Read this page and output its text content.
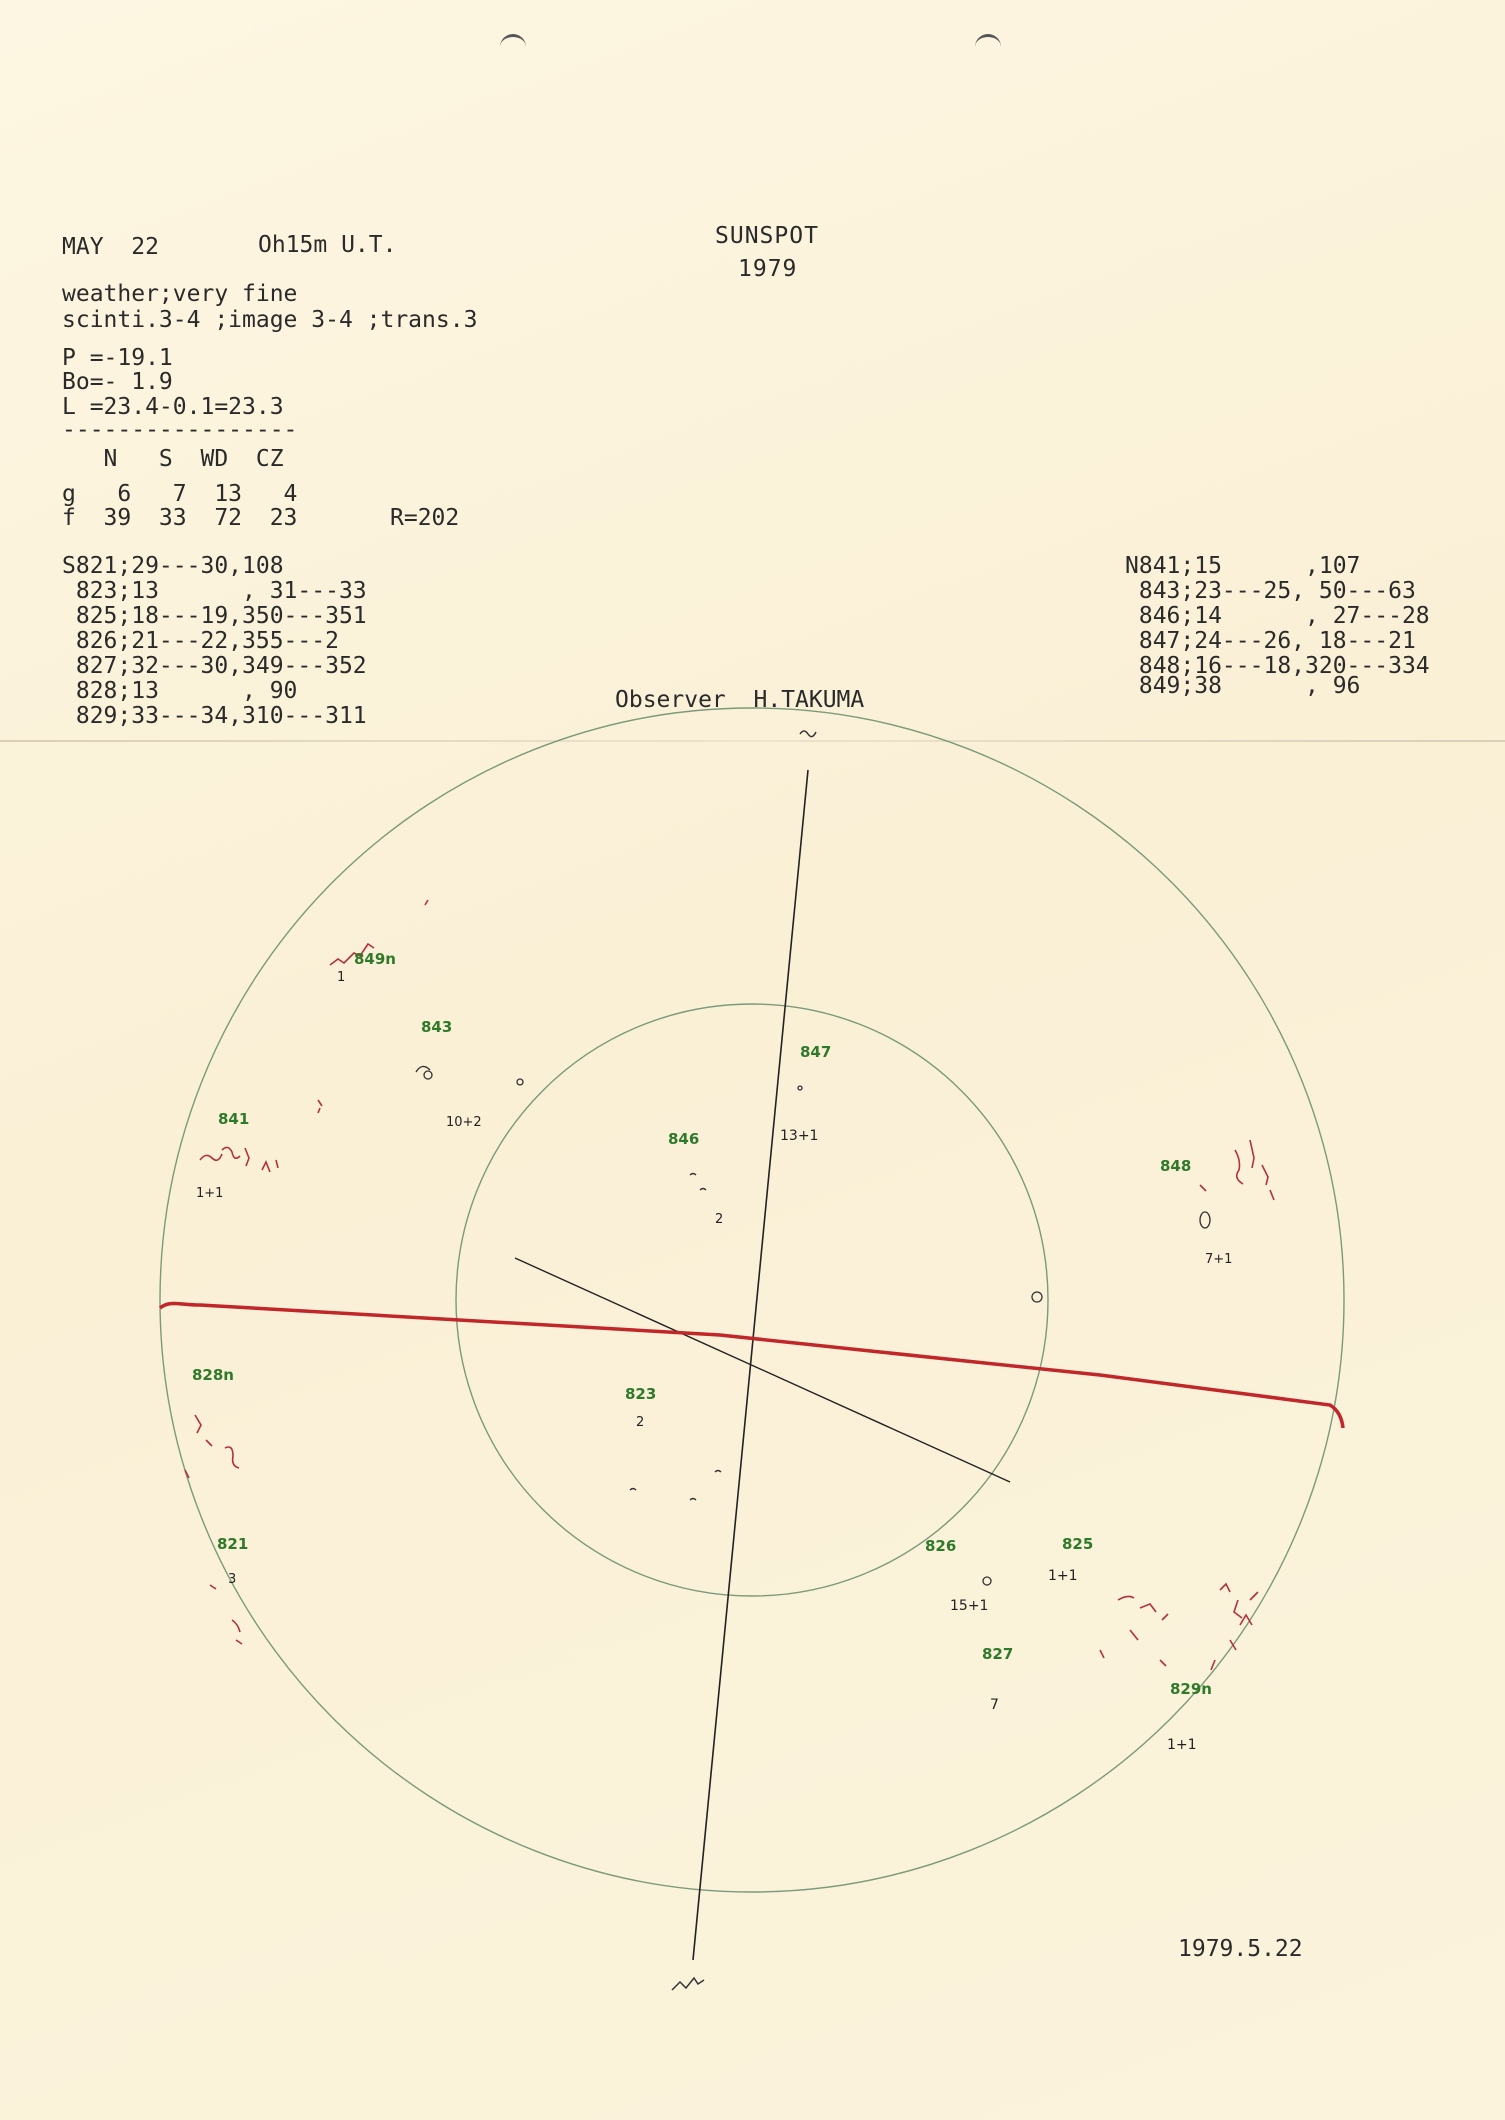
MAY  22	Oh15m U.T.	SUNSPOT
1979
weather;very fine
scinti.3-4 ;image 3-4 ;trans.3
P =-19.1
Bo=- 1.9
L =23.4-0.1=23.3
-----------------
N   S  WD  CZ
g   6   7  13   4
f  39  33  72  23	R=202
S821;29---30,108
823;13      , 31---33
825;18---19,350---351
826;21---22,355---2
827;32---30,349---352
828;13      , 90
829;33---34,310---311
N841;15      ,107
843;23---25, 50---63
846;14      , 27---28
847;24---26, 18---21
848;16---18,320---334
849;38      , 96
Observer  H.TAKUMA
849n
843
841
847
846
848
828n
823
821	826	825
827
829n
1
10+2
1+1
13+1
2
7+1
2
3
15+1
1+1
7
1+1
1979.5.22
